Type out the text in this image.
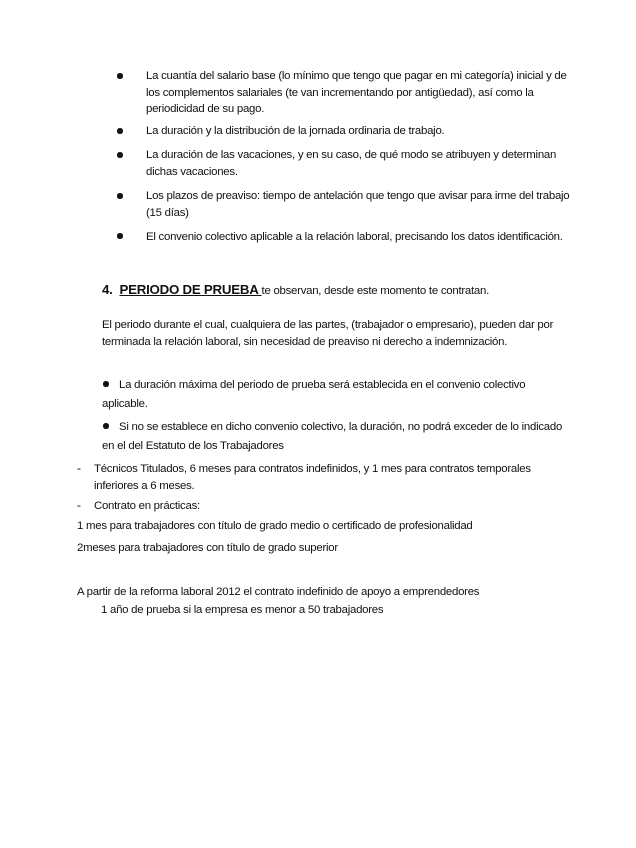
La cuantía del salario base (lo mínimo que tengo que pagar en mi categoría) inicial y de los complementos salariales (te van incrementando por antigüedad), así como la periodicidad de su pago.
La duración y la distribución de la jornada ordinaria de trabajo.
La duración de las vacaciones, y en su caso, de qué modo se atribuyen y determinan dichas vacaciones.
Los plazos de preaviso: tiempo de antelación que tengo que avisar para irme del trabajo (15 días)
El convenio colectivo aplicable a la relación laboral, precisando los datos identificación.
4. PERIODO DE PRUEBA te observan, desde este momento te contratan.
El periodo durante el cual, cualquiera de las partes, (trabajador o empresario), pueden dar por terminada la relación laboral, sin necesidad de preaviso ni derecho a indemnización.
La duración máxima del periodo de prueba será establecida en el convenio colectivo aplicable.
Si no se establece en dicho convenio colectivo, la duración, no podrá exceder de lo indicado en el del Estatuto de los Trabajadores
- Técnicos Titulados, 6 meses para contratos indefinidos, y 1 mes para contratos temporales inferiores a 6 meses.
- Contrato en prácticas:
1 mes para trabajadores con título de grado medio o certificado de profesionalidad
2meses para trabajadores con título de grado superior
A partir de la reforma laboral 2012 el contrato indefinido de apoyo a emprendedores
1 año de prueba si la empresa es menor a 50 trabajadores
